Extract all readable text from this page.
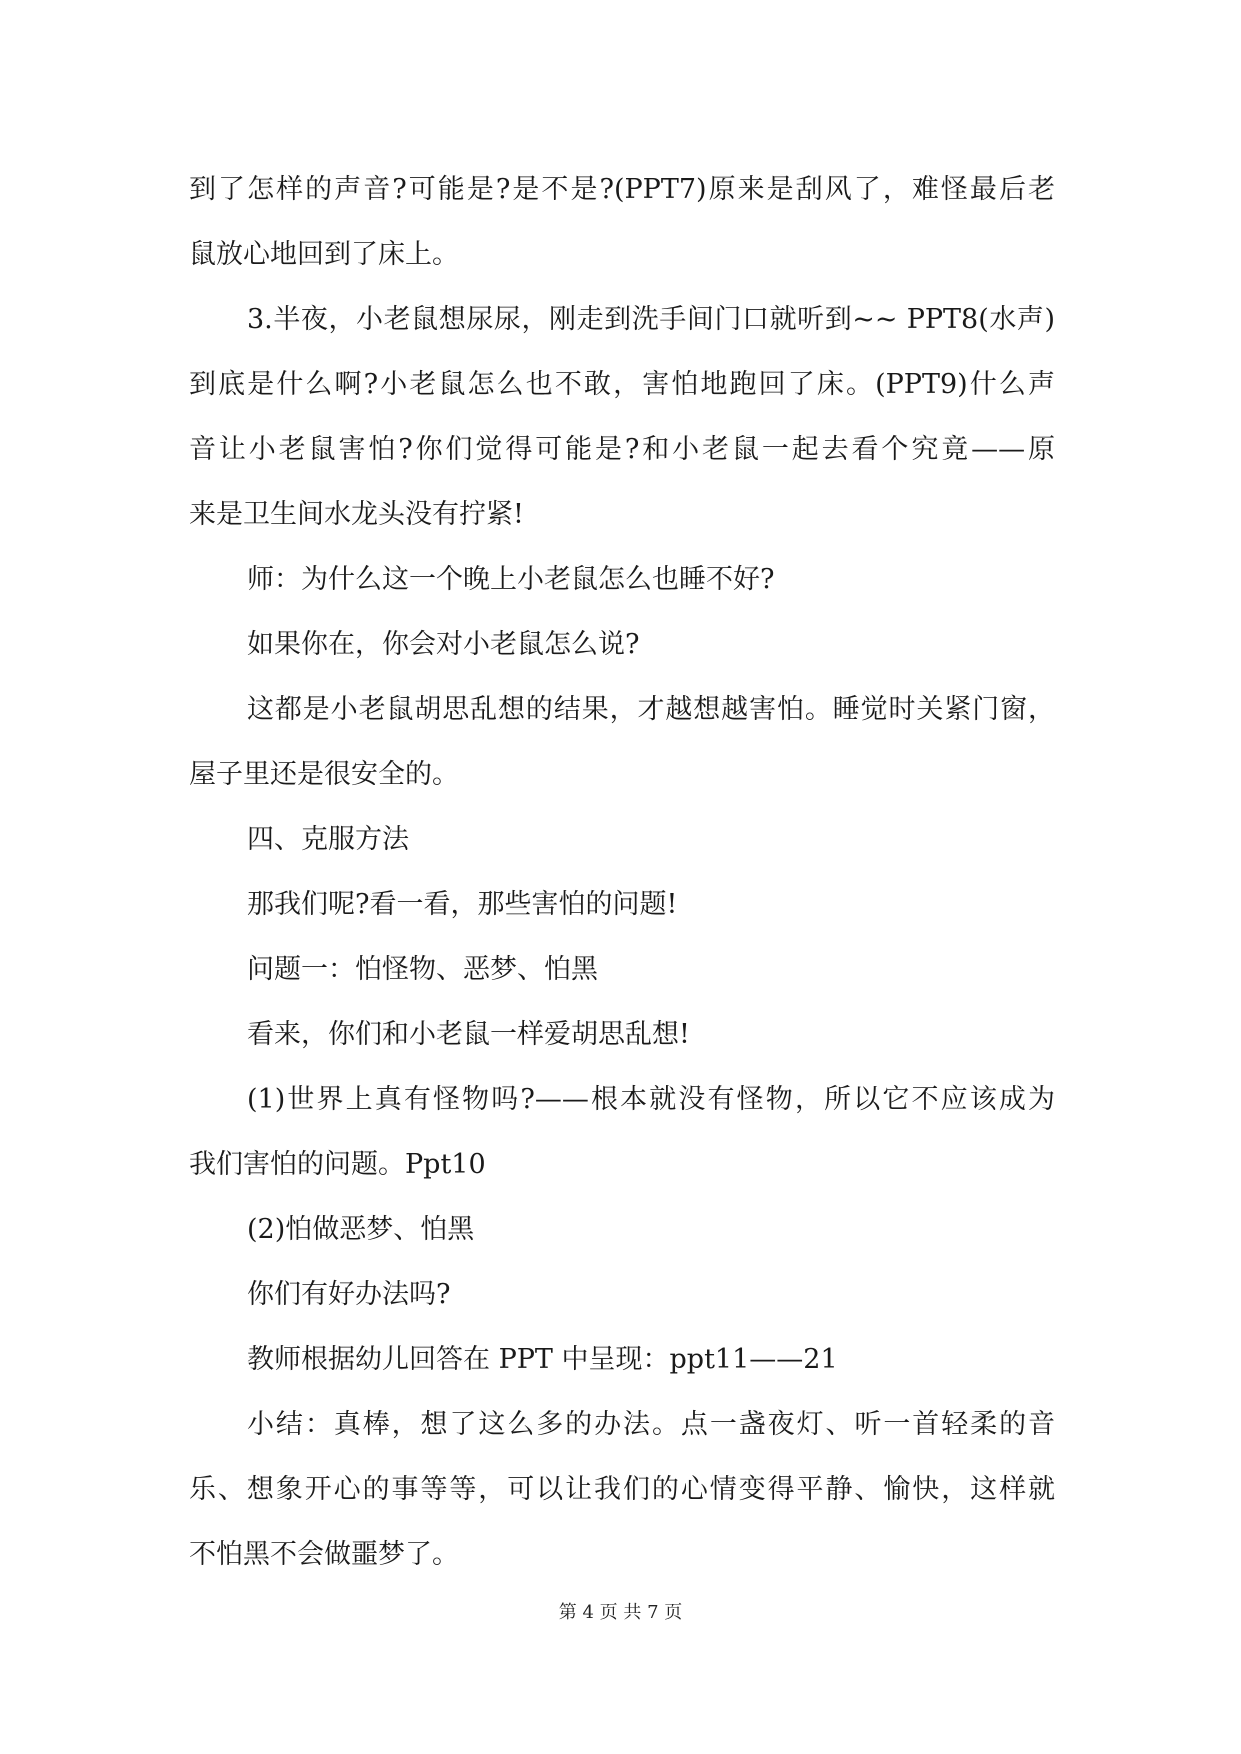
到了怎样的声音?可能是?是不是?(PPT7)原来是刮风了，难怪最后老
鼠放心地回到了床上。
3.半夜，小老鼠想尿尿，刚走到洗手间门口就听到~~ PPT8(水声)
到底是什么啊?小老鼠怎么也不敢，害怕地跑回了床。(PPT9)什么声
音让小老鼠害怕?你们觉得可能是?和小老鼠一起去看个究竟——原
来是卫生间水龙头没有拧紧!
师：为什么这一个晚上小老鼠怎么也睡不好?
如果你在，你会对小老鼠怎么说?
这都是小老鼠胡思乱想的结果，才越想越害怕。睡觉时关紧门窗，
屋子里还是很安全的。
四、克服方法
那我们呢?看一看，那些害怕的问题!
问题一：怕怪物、恶梦、怕黑
看来，你们和小老鼠一样爱胡思乱想!
(1)世界上真有怪物吗?——根本就没有怪物，所以它不应该成为
我们害怕的问题。Ppt10
(2)怕做恶梦、怕黑
你们有好办法吗?
教师根据幼儿回答在 PPT 中呈现：ppt11——21
小结：真棒，想了这么多的办法。点一盏夜灯、听一首轻柔的音
乐、想象开心的事等等，可以让我们的心情变得平静、愉快，这样就
不怕黑不会做噩梦了。
第 4 页 共 7 页
